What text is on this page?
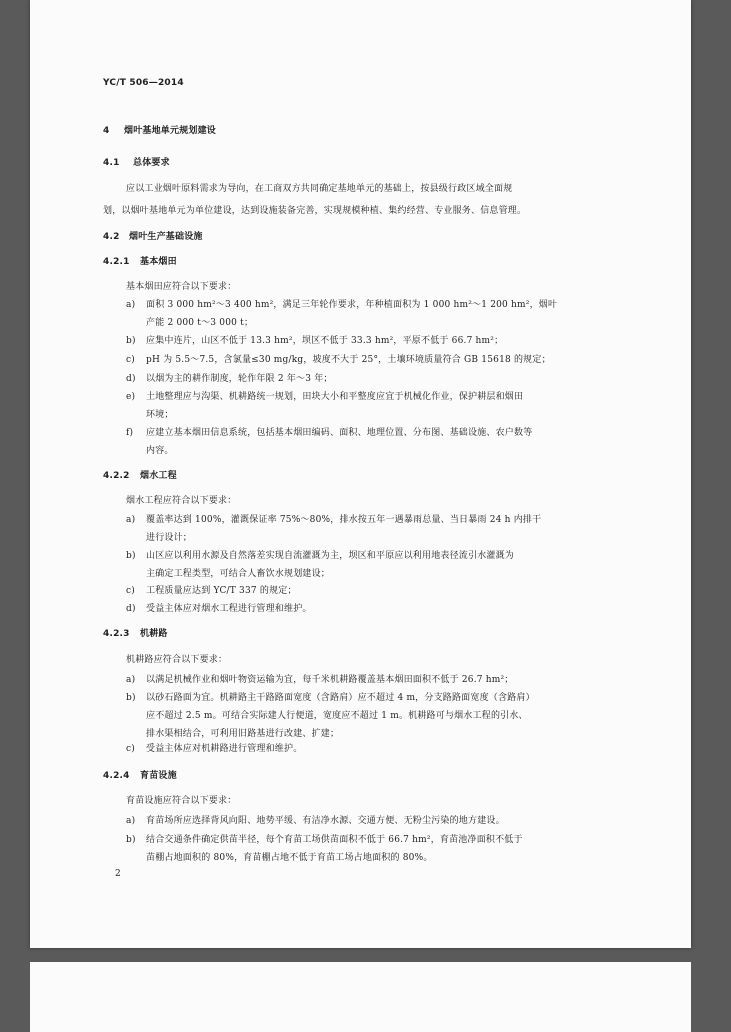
YC/T 506—2014
4 烟叶基地单元规划建设
4.1 总体要求
应以工业烟叶原料需求为导向，在工商双方共同确定基地单元的基础上，按县级行政区域全面规
划，以烟叶基地单元为单位建设，达到设施装备完善，实现规模种植、集约经营、专业服务、信息管理。
4.2 烟叶生产基础设施
4.2.1 基本烟田
基本烟田应符合以下要求：
a) 面积 3 000 hm²～3 400 hm²，满足三年轮作要求，年种植面积为 1 000 hm²～1 200 hm²，烟叶
产能 2 000 t～3 000 t；
b) 应集中连片，山区不低于 13.3 hm²，坝区不低于 33.3 hm²，平原不低于 66.7 hm²；
c) pH 为 5.5～7.5，含氯量≤30 mg/kg，坡度不大于 25°，土壤环境质量符合 GB 15618 的规定；
d) 以烟为主的耕作制度，轮作年限 2 年～3 年；
e) 土地整理应与沟渠、机耕路统一规划，田块大小和平整度应宜于机械化作业，保护耕层和烟田
环境；
f) 应建立基本烟田信息系统，包括基本烟田编码、面积、地理位置、分布图、基础设施、农户数等
内容。
4.2.2 烟水工程
烟水工程应符合以下要求：
a) 覆盖率达到 100%，灌溉保证率 75%～80%，排水按五年一遇暴雨总量、当日暴雨 24 h 内排干
进行设计；
b) 山区应以利用水源及自然落差实现自流灌溉为主，坝区和平原应以利用地表径流引水灌溉为
主确定工程类型，可结合人畜饮水规划建设；
c) 工程质量应达到 YC/T 337 的规定；
d) 受益主体应对烟水工程进行管理和维护。
4.2.3 机耕路
机耕路应符合以下要求：
a) 以满足机械作业和烟叶物资运输为宜，每千米机耕路覆盖基本烟田面积不低于 26.7 hm²；
b) 以砂石路面为宜。机耕路主干路路面宽度（含路肩）应不超过 4 m，分支路路面宽度（含路肩）
应不超过 2.5 m。可结合实际建人行便道，宽度应不超过 1 m。机耕路可与烟水工程的引水、
排水渠相结合，可利用旧路基进行改建、扩建；
c) 受益主体应对机耕路进行管理和维护。
4.2.4 育苗设施
育苗设施应符合以下要求：
a) 育苗场所应选择背风向阳、地势平缓、有洁净水源、交通方便、无粉尘污染的地方建设。
b) 结合交通条件确定供苗半径，每个育苗工场供苗面积不低于 66.7 hm²，育苗池净面积不低于
苗棚占地面积的 80%，育苗棚占地不低于育苗工场占地面积的 80%。
2
